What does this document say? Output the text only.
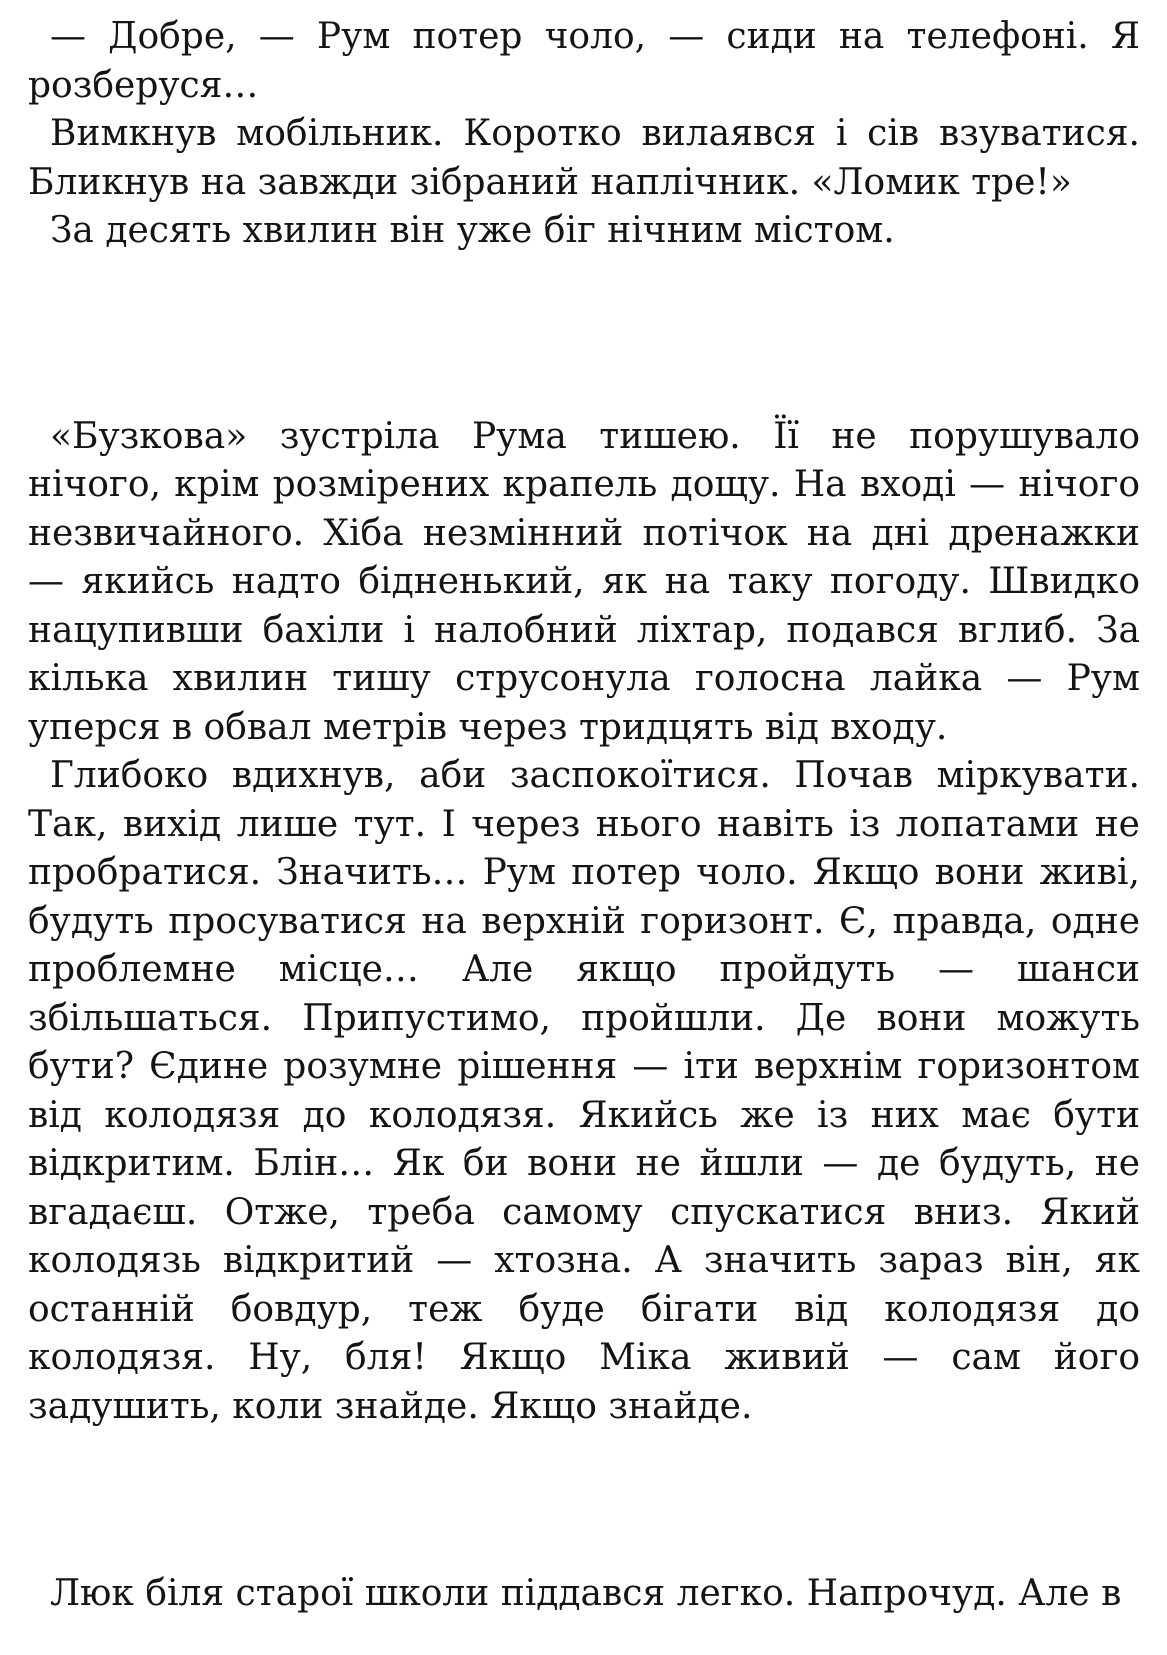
— Добре, — Рум потер чоло, — сиди на телефоні. Я розберуся…

Вимкнув мобільник. Коротко вилаявся і сів взуватися. Бликнув на завжди зібраний наплічник. «Ломик тре!»

За десять хвилин він уже біг нічним містом.

«Бузкова» зустріла Рума тишею. Її не порушувало нічого, крім розмірених крапель дощу. На вході — нічого незвичайного. Хіба незмінний потічок на дні дренажки — якийсь надто бідненький, як на таку погоду. Швидко нацупивши бахіли і налобний ліхтар, подався вглиб. За кілька хвилин тишу струсонула голосна лайка — Рум уперся в обвал метрів через тридцять від входу.

Глибоко вдихнув, аби заспокоїтися. Почав міркувати. Так, вихід лише тут. І через нього навіть із лопатами не пробратися. Значить… Рум потер чоло. Якщо вони живі, будуть просуватися на верхній горизонт. Є, правда, одне проблемне місце… Але якщо пройдуть — шанси збільшаться. Припустимо, пройшли. Де вони можуть бути? Єдине розумне рішення — іти верхнім горизонтом від колодязя до колодязя. Якийсь же із них має бути відкритим. Блін… Як би вони не йшли — де будуть, не вгадаєш. Отже, треба самому спускатися вниз. Який колодязь відкритий — хтозна. А значить зараз він, як останній бовдур, теж буде бігати від колодязя до колодязя. Ну, бля! Якщо Міка живий — сам його задушить, коли знайде. Якщо знайде.

Люк біля старої школи піддався легко. Напрочуд. Але в
